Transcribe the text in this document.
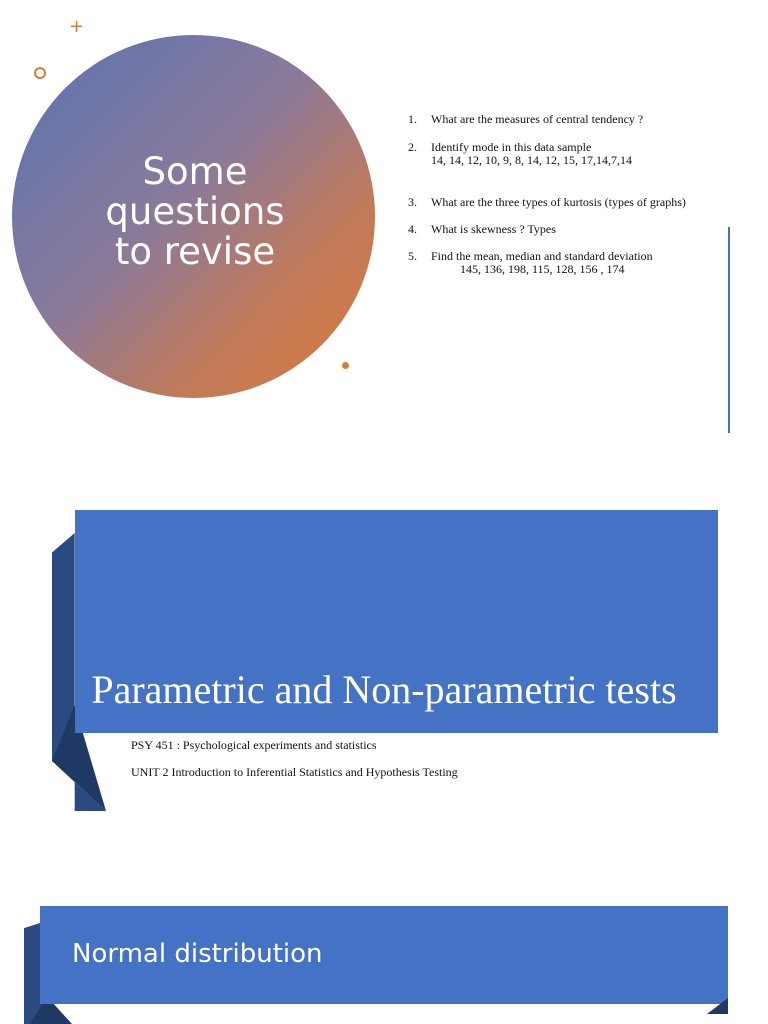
+
Some questions to revise
1.	What are the measures of central tendency ?
2.	Identify mode in this data sample
14, 14, 12, 10, 9, 8, 14, 12, 15, 17,14,7,14
3.	What are the three types of kurtosis (types of graphs)
4.	What is skewness ? Types
5.	Find the mean, median and standard deviation
145, 136, 198, 115, 128, 156 , 174
Parametric and Non-parametric tests
PSY 451 : Psychological experiments and statistics
UNIT 2 Introduction to Inferential Statistics and Hypothesis Testing
Normal distribution
